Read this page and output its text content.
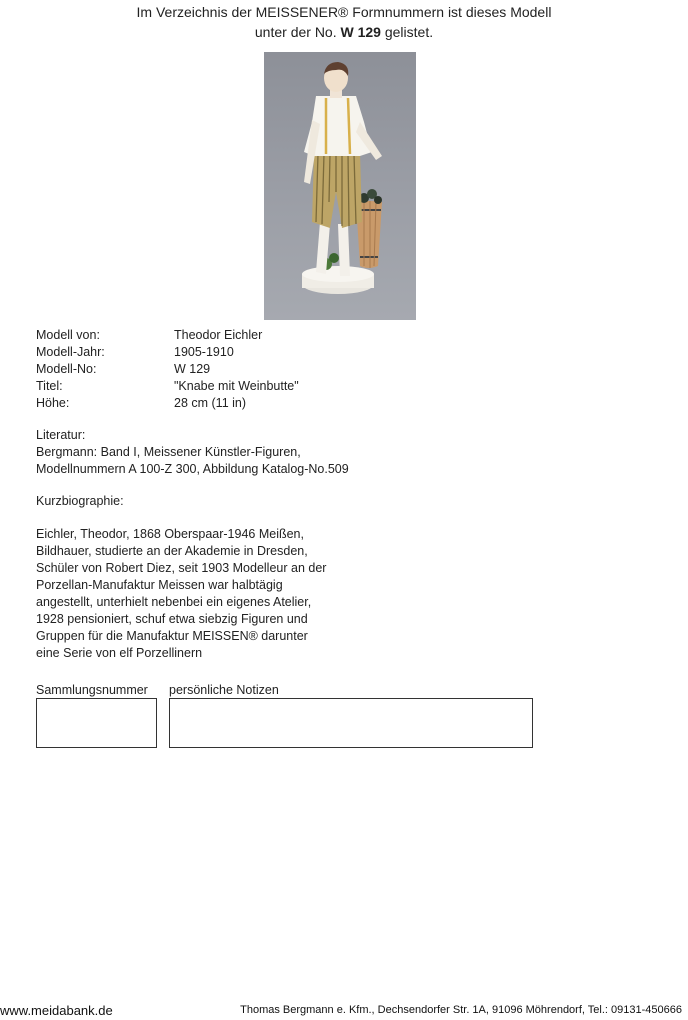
Im Verzeichnis der MEISSENER® Formnummern ist dieses Modell
unter der No. W 129 gelistet.
Modell von:	Theodor Eichler
Modell-Jahr:	1905-1910
Modell-No:	W 129
Titel:	"Knabe mit Weinbutte"
Höhe:	28 cm (11 in)
Literatur:
Bergmann: Band I, Meissener Künstler-Figuren,
Modellnummern A 100-Z 300, Abbildung Katalog-No.509
Kurzbiographie:
Eichler, Theodor, 1868 Oberspaar-1946 Meißen,
Bildhauer, studierte an der Akademie in Dresden,
Schüler von Robert Diez, seit 1903 Modelleur an der
Porzellan-Manufaktur Meissen war halbtägig
angestellt, unterhielt nebenbei ein eigenes Atelier,
1928 pensioniert, schuf etwa siebzig Figuren und
Gruppen für die Manufaktur MEISSEN® darunter
eine Serie von elf Porzellinern
Sammlungsnummer persönliche Notizen
www.meidabank.de	Thomas Bergmann e. Kfm., Dechsendorfer Str. 1A, 91096 Möhrendorf, Tel.: 09131-450666
